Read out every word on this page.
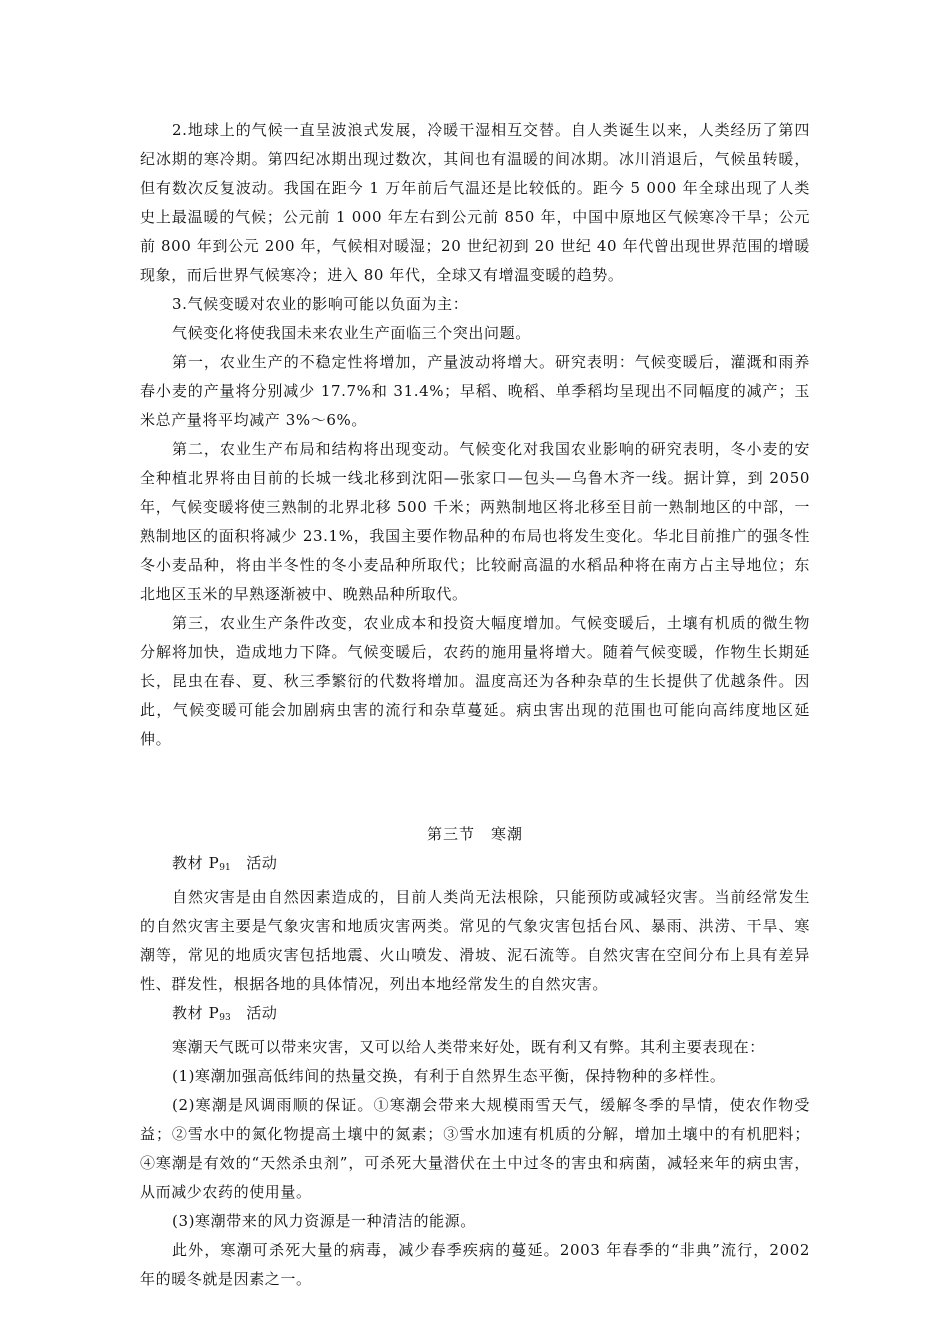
2.地球上的气候一直呈波浪式发展，冷暖干湿相互交替。自人类诞生以来，人类经历了第四纪冰期的寒冷期。第四纪冰期出现过数次，其间也有温暖的间冰期。冰川消退后，气候虽转暖，但有数次反复波动。我国在距今 1 万年前后气温还是比较低的。距今 5 000 年全球出现了人类史上最温暖的气候；公元前 1 000 年左右到公元前 850 年，中国中原地区气候寒冷干旱；公元前 800 年到公元 200 年，气候相对暖湿；20 世纪初到 20 世纪 40 年代曾出现世界范围的增暖现象，而后世界气候寒冷；进入 80 年代，全球又有增温变暖的趋势。

3.气候变暖对农业的影响可能以负面为主：

气候变化将使我国未来农业生产面临三个突出问题。

第一，农业生产的不稳定性将增加，产量波动将增大。研究表明：气候变暖后，灌溉和雨养春小麦的产量将分别减少 17.7%和 31.4%；早稻、晚稻、单季稻均呈现出不同幅度的减产；玉米总产量将平均减产 3%～6%。

第二，农业生产布局和结构将出现变动。气候变化对我国农业影响的研究表明，冬小麦的安全种植北界将由目前的长城一线北移到沈阳—张家口—包头—乌鲁木齐一线。据计算，到 2050 年，气候变暖将使三熟制的北界北移 500 千米；两熟制地区将北移至目前一熟制地区的中部，一熟制地区的面积将减少 23.1%，我国主要作物品种的布局也将发生变化。华北目前推广的强冬性冬小麦品种，将由半冬性的冬小麦品种所取代；比较耐高温的水稻品种将在南方占主导地位；东北地区玉米的早熟逐渐被中、晚熟品种所取代。

第三，农业生产条件改变，农业成本和投资大幅度增加。气候变暖后，土壤有机质的微生物分解将加快，造成地力下降。气候变暖后，农药的施用量将增大。随着气候变暖，作物生长期延长，昆虫在春、夏、秋三季繁衍的代数将增加。温度高还为各种杂草的生长提供了优越条件。因此，气候变暖可能会加剧病虫害的流行和杂草蔓延。病虫害出现的范围也可能向高纬度地区延伸。

第三节　寒潮

教材 $P_{91}$　活动

自然灾害是由自然因素造成的，目前人类尚无法根除，只能预防或减轻灾害。当前经常发生的自然灾害主要是气象灾害和地质灾害两类。常见的气象灾害包括台风、暴雨、洪涝、干旱、寒潮等，常见的地质灾害包括地震、火山喷发、滑坡、泥石流等。自然灾害在空间分布上具有差异性、群发性，根据各地的具体情况，列出本地经常发生的自然灾害。

教材 $P_{93}$　活动

寒潮天气既可以带来灾害，又可以给人类带来好处，既有利又有弊。其利主要表现在：

(1)寒潮加强高低纬间的热量交换，有利于自然界生态平衡，保持物种的多样性。

(2)寒潮是风调雨顺的保证。①寒潮会带来大规模雨雪天气，缓解冬季的旱情，使农作物受益；②雪水中的氮化物提高土壤中的氮素；③雪水加速有机质的分解，增加土壤中的有机肥料；④寒潮是有效的“天然杀虫剂”，可杀死大量潜伏在土中过冬的害虫和病菌，减轻来年的病虫害，从而减少农药的使用量。

(3)寒潮带来的风力资源是一种清洁的能源。

此外，寒潮可杀死大量的病毒，减少春季疾病的蔓延。2003 年春季的“非典”流行，2002 年的暖冬就是因素之一。
